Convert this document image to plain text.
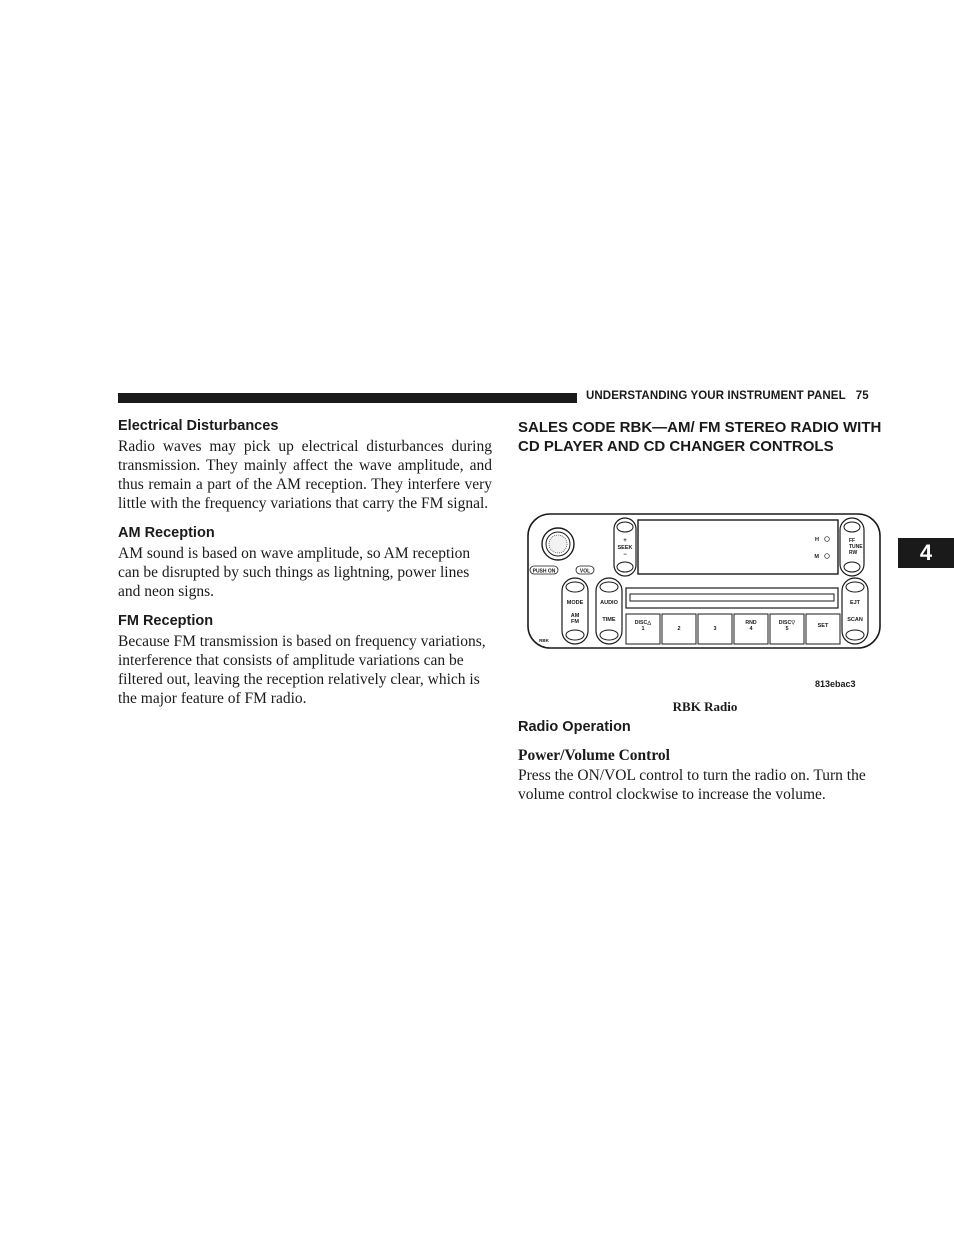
UNDERSTANDING YOUR INSTRUMENT PANEL 75
4
Electrical Disturbances

Radio waves may pick up electrical disturbances during transmission. They mainly affect the wave amplitude, and thus remain a part of the AM reception. They interfere very little with the frequency variations that carry the FM signal.

AM Reception

AM sound is based on wave amplitude, so AM reception can be disrupted by such things as lightning, power lines and neon signs.

FM Reception

Because FM transmission is based on frequency variations, interference that consists of amplitude variations can be filtered out, leaving the reception relatively clear, which is the major feature of FM radio.

SALES CODE RBK—AM/ FM STEREO RADIO WITH CD PLAYER AND CD CHANGER CONTROLS
PUSH ON	VOL
+
SEEK
−
H
M
FF
TUNE
RW
MODE
AM
FM
RBK
AUDIO
TIME	DISC△
1	2	3
RND
4
DISC▽
5	SET
EJT
SCAN
813ebac3
RBK Radio
Radio Operation
Power/Volume Control

Press the ON/VOL control to turn the radio on. Turn the volume control clockwise to increase the volume.
